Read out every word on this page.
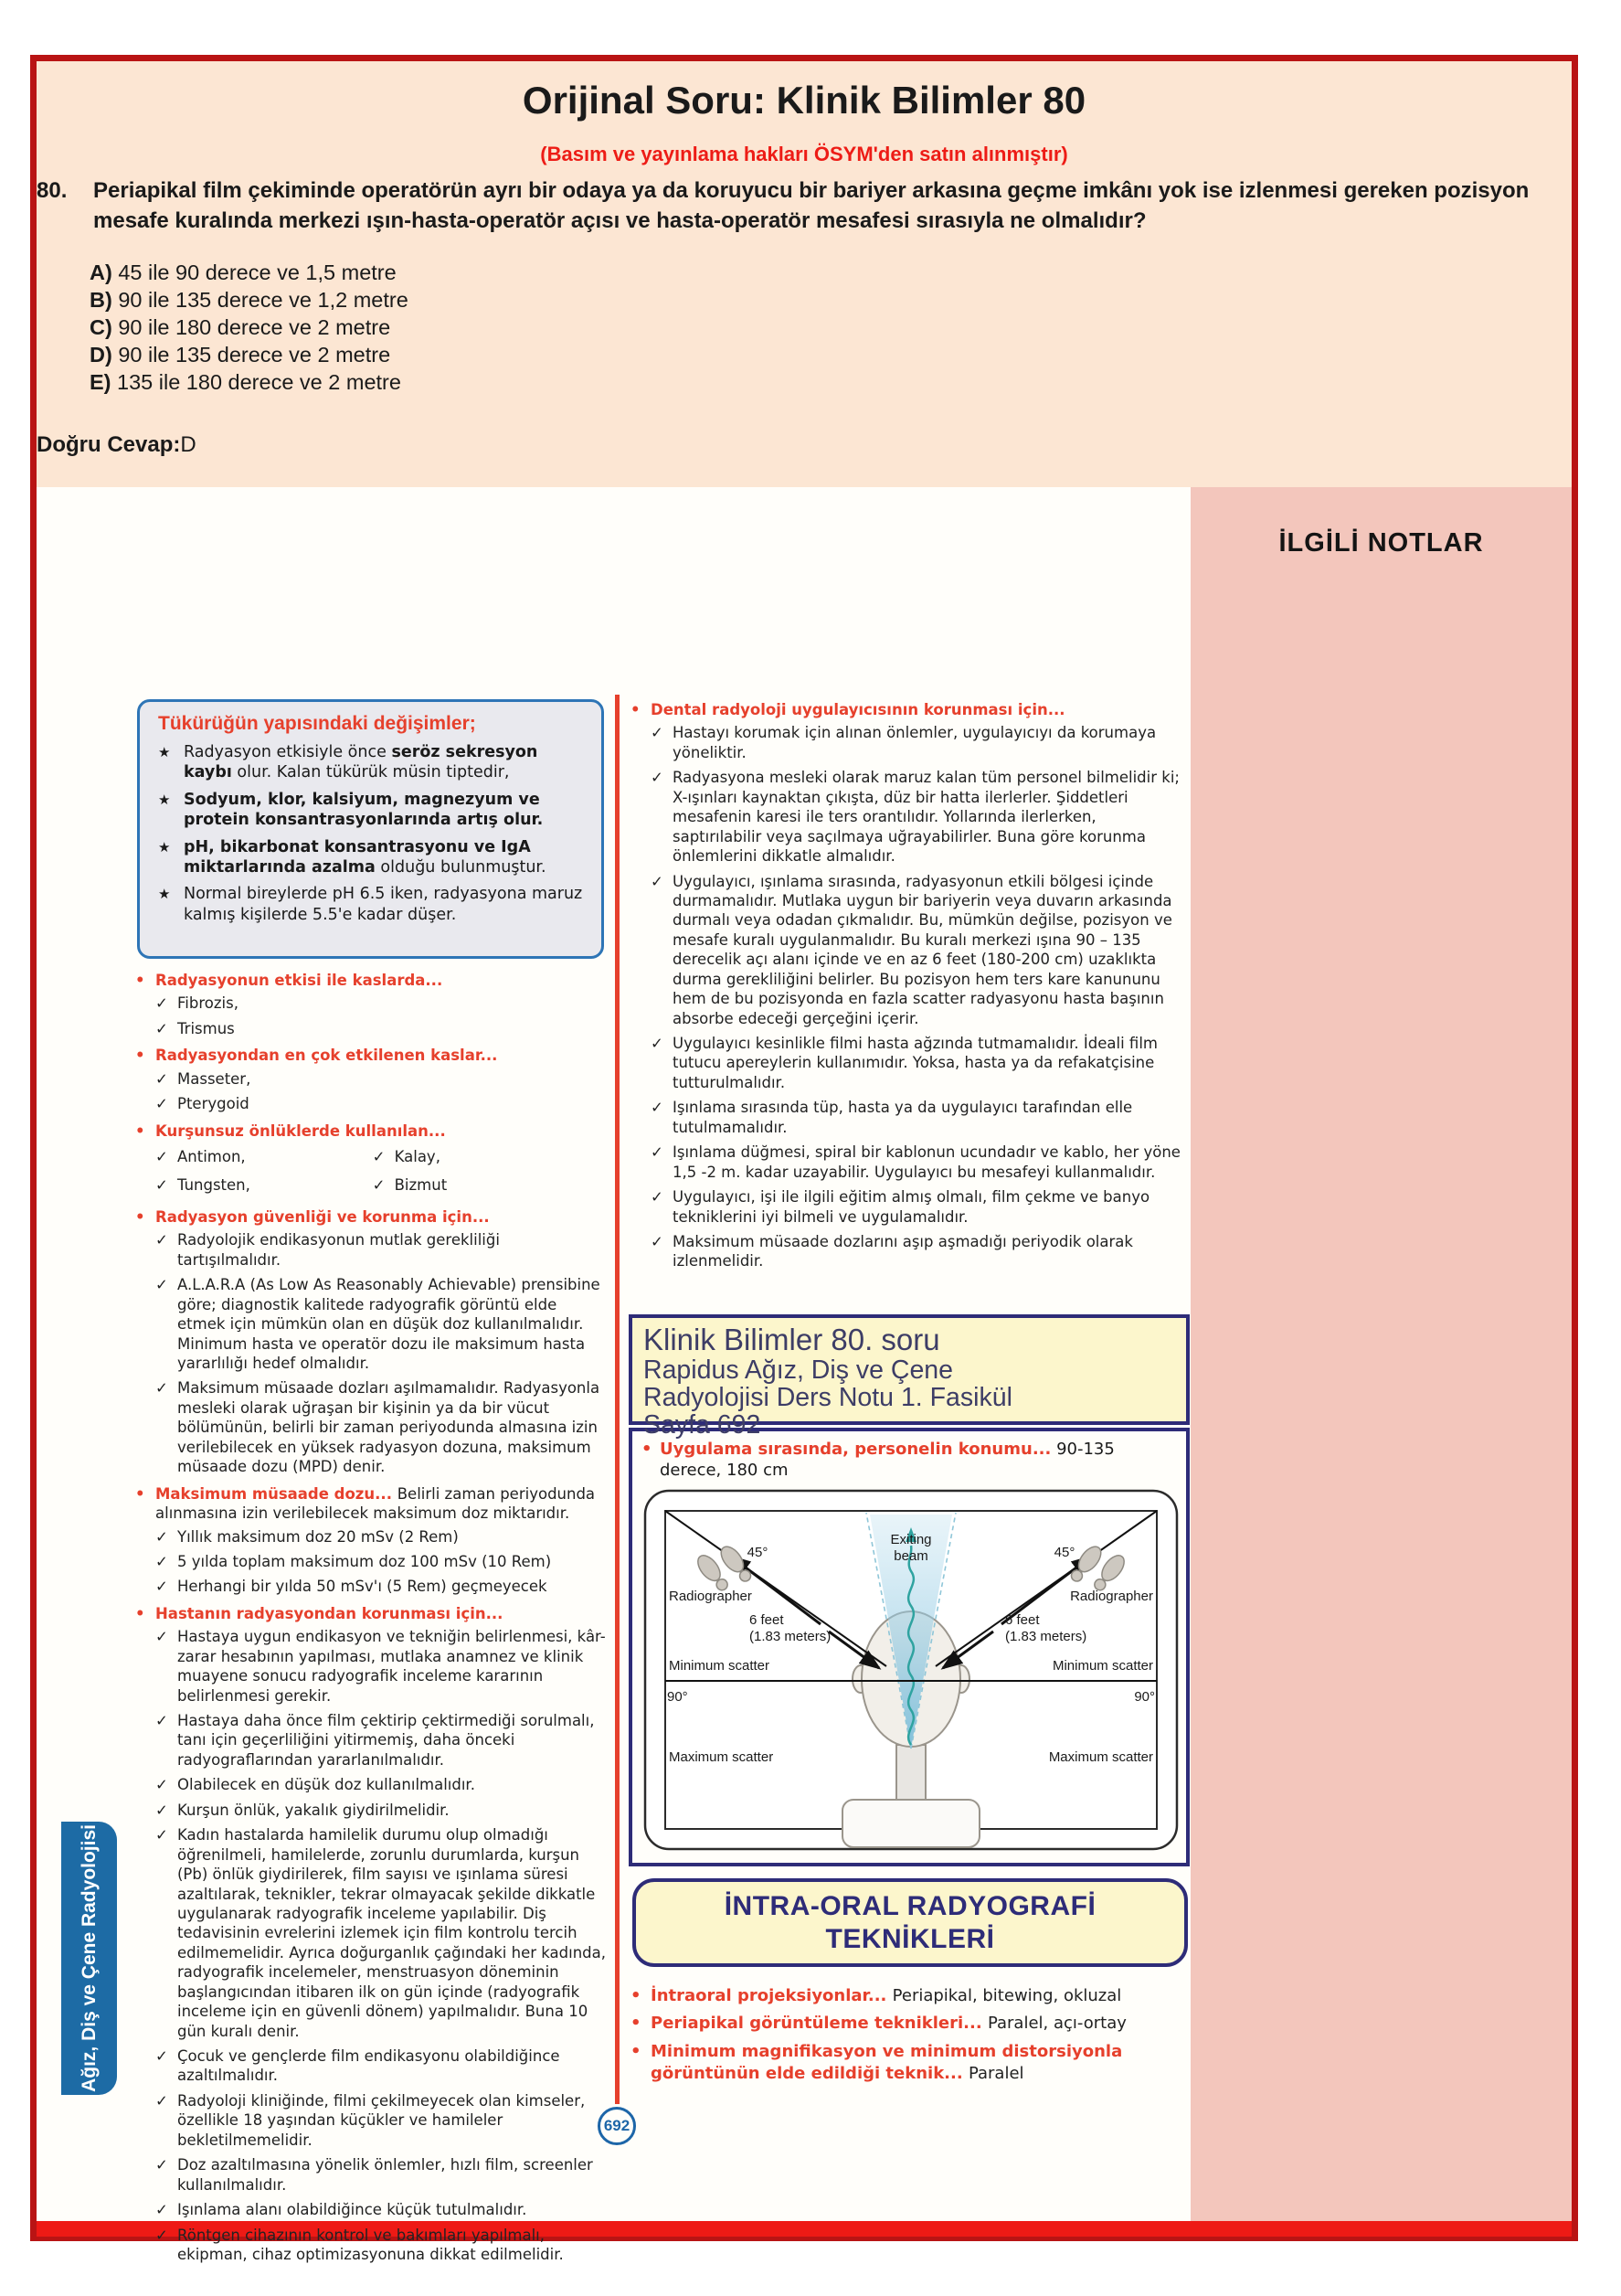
Orijinal Soru: Klinik Bilimler 80
(Basım ve yayınlama hakları ÖSYM'den satın alınmıştır)
80.	Periapikal film çekiminde operatörün ayrı bir odaya ya da koruyucu bir bariyer arkasına geçme imkânı yok ise izlenmesi gereken pozisyon mesafe kuralında merkezi ışın-hasta-operatör açısı ve hasta-operatör mesafesi sırasıyla ne olmalıdır?
A) 45 ile 90 derece ve 1,5 metre
B) 90 ile 135 derece ve 1,2 metre
C) 90 ile 180 derece ve 2 metre
D) 90 ile 135 derece ve 2 metre
E) 135 ile 180 derece ve 2 metre
Doğru Cevap:D
İLGİLİ NOTLAR
Tükürüğün yapısındaki değişimler;
★ Radyasyon etkisiyle önce seröz sekresyon kaybı olur. Kalan tükürük müsin tiptedir,
★ Sodyum, klor, kalsiyum, magnezyum ve protein konsantrasyonlarında artış olur.
★ pH, bikarbonat konsantrasyonu ve IgA miktarlarında azalma olduğu bulunmuştur.
★ Normal bireylerde pH 6.5 iken, radyasyona maruz kalmış kişilerde 5.5'e kadar düşer.
• Radyasyonun etkisi ile kaslarda...
✓ Fibrozis,
✓ Trismus
• Radyasyondan en çok etkilenen kaslar...
✓ Masseter,
✓ Pterygoid
• Kurşunsuz önlüklerde kullanılan...
✓ Antimon,	✓ Kalay,
✓ Tungsten,	✓ Bizmut
• Radyasyon güvenliği ve korunma için...
✓ Radyolojik endikasyonun mutlak gerekliliği tartışılmalıdır.
✓ A.L.A.R.A (As Low As Reasonably Achievable) prensibine göre; diagnostik kalitede radyografik görüntü elde etmek için mümkün olan en düşük doz kullanılmalıdır. Minimum hasta ve operatör dozu ile maksimum hasta yararlılığı hedef olmalıdır.
✓ Maksimum müsaade dozları aşılmamalıdır. Radyasyonla mesleki olarak uğraşan bir kişinin ya da bir vücut bölümünün, belirli bir zaman periyodunda almasına izin verilebilecek en yüksek radyasyon dozuna, maksimum müsaade dozu (MPD) denir.
• Maksimum müsaade dozu... Belirli zaman periyodunda alınmasına izin verilebilecek maksimum doz miktarıdır.
✓ Yıllık maksimum doz 20 mSv (2 Rem)
✓ 5 yılda toplam maksimum doz 100 mSv (10 Rem)
✓ Herhangi bir yılda 50 mSv'ı (5 Rem) geçmeyecek
• Hastanın radyasyondan korunması için...
✓ Hastaya uygun endikasyon ve tekniğin belirlenmesi, kâr-zarar hesabının yapılması, mutlaka anamnez ve klinik muayene sonucu radyografik inceleme kararının belirlenmesi gerekir.
✓ Hastaya daha önce film çektirip çektirmediği sorulmalı, tanı için geçerliliğini yitirmemiş, daha önceki radyograflarından yararlanılmalıdır.
✓ Olabilecek en düşük doz kullanılmalıdır.
✓ Kurşun önlük, yakalık giydirilmelidir.
✓ Kadın hastalarda hamilelik durumu olup olmadığı öğrenilmeli, hamilelerde, zorunlu durumlarda, kurşun (Pb) önlük giydirilerek, film sayısı ve ışınlama süresi azaltılarak, teknikler, tekrar olmayacak şekilde dikkatle uygulanarak radyografik inceleme yapılabilir. Diş tedavisinin evrelerini izlemek için film kontrolu tercih edilmemelidir. Ayrıca doğurganlık çağındaki her kadında, radyografik incelemeler, menstruasyon döneminin başlangıcından itibaren ilk on gün içinde (radyografik inceleme için en güvenli dönem) yapılmalıdır. Buna 10 gün kuralı denir.
✓ Çocuk ve gençlerde film endikasyonu olabildiğince azaltılmalıdır.
✓ Radyoloji kliniğinde, filmi çekilmeyecek olan kimseler, özellikle 18 yaşından küçükler ve hamileler bekletilmemelidir.
✓ Doz azaltılmasına yönelik önlemler, hızlı film, screenler kullanılmalıdır.
✓ Işınlama alanı olabildiğince küçük tutulmalıdır.
✓ Röntgen cihazının kontrol ve bakımları yapılmalı, ekipman, cihaz optimizasyonuna dikkat edilmelidir.
• Dental radyoloji uygulayıcısının korunması için...
✓ Hastayı korumak için alınan önlemler, uygulayıcıyı da korumaya yöneliktir.
✓ Radyasyona mesleki olarak maruz kalan tüm personel bilmelidir ki; X-ışınları kaynaktan çıkışta, düz bir hatta ilerlerler. Şiddetleri mesafenin karesi ile ters orantılıdır. Yollarında ilerlerken, saptırılabilir veya saçılmaya uğrayabilirler. Buna göre korunma önlemlerini dikkatle almalıdır.
✓ Uygulayıcı, ışınlama sırasında, radyasyonun etkili bölgesi içinde durmamalıdır. Mutlaka uygun bir bariyerin veya duvarın arkasında durmalı veya odadan çıkmalıdır. Bu, mümkün değilse, pozisyon ve mesafe kuralı uygulanmalıdır. Bu kuralı merkezi ışına 90 – 135 derecelik açı alanı içinde ve en az 6 feet (180-200 cm) uzaklıkta durma gerekliliğini belirler. Bu pozisyon hem ters kare kanununu hem de bu pozisyonda en fazla scatter radyasyonu hasta başının absorbe edeceği gerçeğini içerir.
✓ Uygulayıcı kesinlikle filmi hasta ağzında tutmamalıdır. İdeali film tutucu apereylerin kullanımıdır. Yoksa, hasta ya da refakatçisine tutturulmalıdır.
✓ Işınlama sırasında tüp, hasta ya da uygulayıcı tarafından elle tutulmamalıdır.
✓ Işınlama düğmesi, spiral bir kablonun ucundadır ve kablo, her yöne 1,5 -2 m. kadar uzayabilir. Uygulayıcı bu mesafeyi kullanmalıdır.
✓ Uygulayıcı, işi ile ilgili eğitim almış olmalı, film çekme ve banyo tekniklerini iyi bilmeli ve uygulamalıdır.
✓ Maksimum müsaade dozlarını aşıp aşmadığı periyodik olarak izlenmelidir.
Klinik Bilimler 80. soru
Rapidus Ağız, Diş ve Çene
Radyolojisi Ders Notu 1. Fasikül
Sayfa 692
• Uygulama sırasında, personelin konumu... 90-135 derece, 180 cm
Exiting
beam
45°	45°
Radiographer	Radiographer
6 feet
(1.83 meters)
6 feet
(1.83 meters)
Minimum scatter	Minimum scatter
90°	90°
Maximum scatter	Maximum scatter
İNTRA-ORAL RADYOGRAFİ
TEKNİKLERİ
• İntraoral projeksiyonlar... Periapikal, bitewing, okluzal
• Periapikal görüntüleme teknikleri... Paralel, açı-ortay
• Minimum magnifikasyon ve minimum distorsiyonla görüntünün elde edildiği teknik... Paralel
692
Ağız, Diş ve Çene Radyolojisi
